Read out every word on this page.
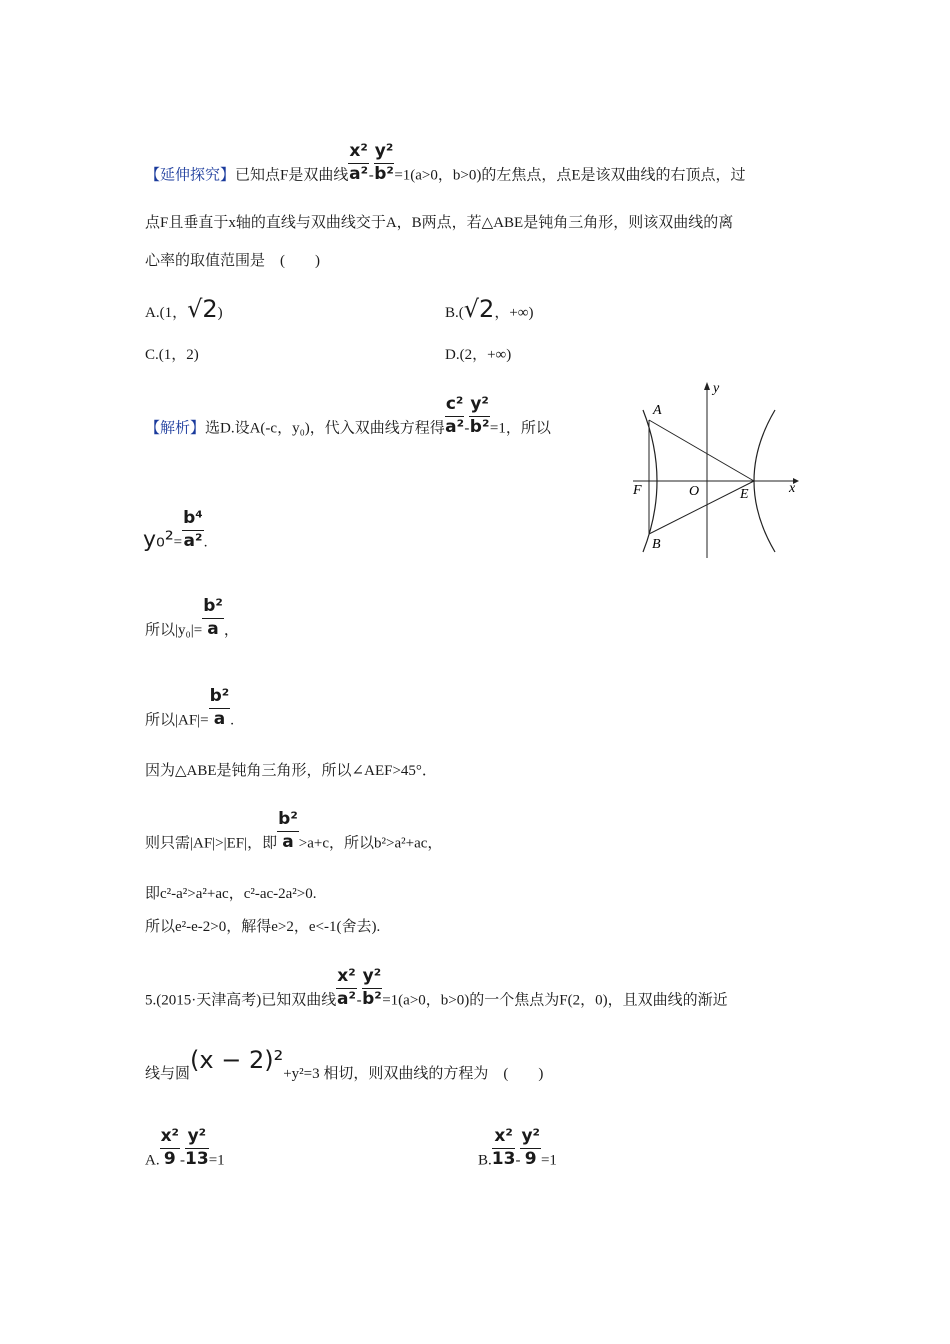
【延伸探究】已知点F是双曲线 $\frac{\text{x²}}{\text{a²}} - \frac{\text{y²}}{\text{b²}} =1(a>0$，b>0)的左焦点，点E是该双曲线的右顶点，过
点F且垂直于x轴的直线与双曲线交于A，B两点，若△ABE是钝角三角形，则该双曲线的离
心率的取值范围是　(　　)
A.(1，√2)	B.(√2，+∞)
C.(1，2)	D.(2，+∞)
【解析】选D.设A(-c，y₀)，代入双曲线方程得 $\frac{\text{c²}}{\text{a²}} - \frac{\text{y²}}{\text{b²}} =1$，所以
$y_0^2= \frac{\text{b⁴}}{\text{a²}}$ .
所以$|y_0|= \frac{\text{b²}}{a}$ ，
所以$|AF|= \frac{\text{b²}}{a}$ .
因为△ABE是钝角三角形，所以∠AEF>45°．
则只需|AF|>|EF|，即 $\frac{\text{b²}}{a} >a+c$，所以b²>a²+ac，
即c²-a²>a²+ac，c²-ac-2a²>0.
所以e²-e-2>0，解得e>2，e<-1(舍去).
A
B
F	O	E	x
y
5.(2015·天津高考)已知双曲线 $\frac{\text{x²}}{\text{a²}} - \frac{\text{y²}}{\text{b²}} =1(a>0$，b>0)的一个焦点为F(2，0)，且双曲线的渐近
线与圆(x − 2)²+y²=3 相切，则双曲线的方程为　(　　)
A. $\frac{\text{x²}}{9} - \frac{\text{y²}}{13} =1$	B. $\frac{\text{x²}}{13} - \frac{\text{y²}}{9} =1$
